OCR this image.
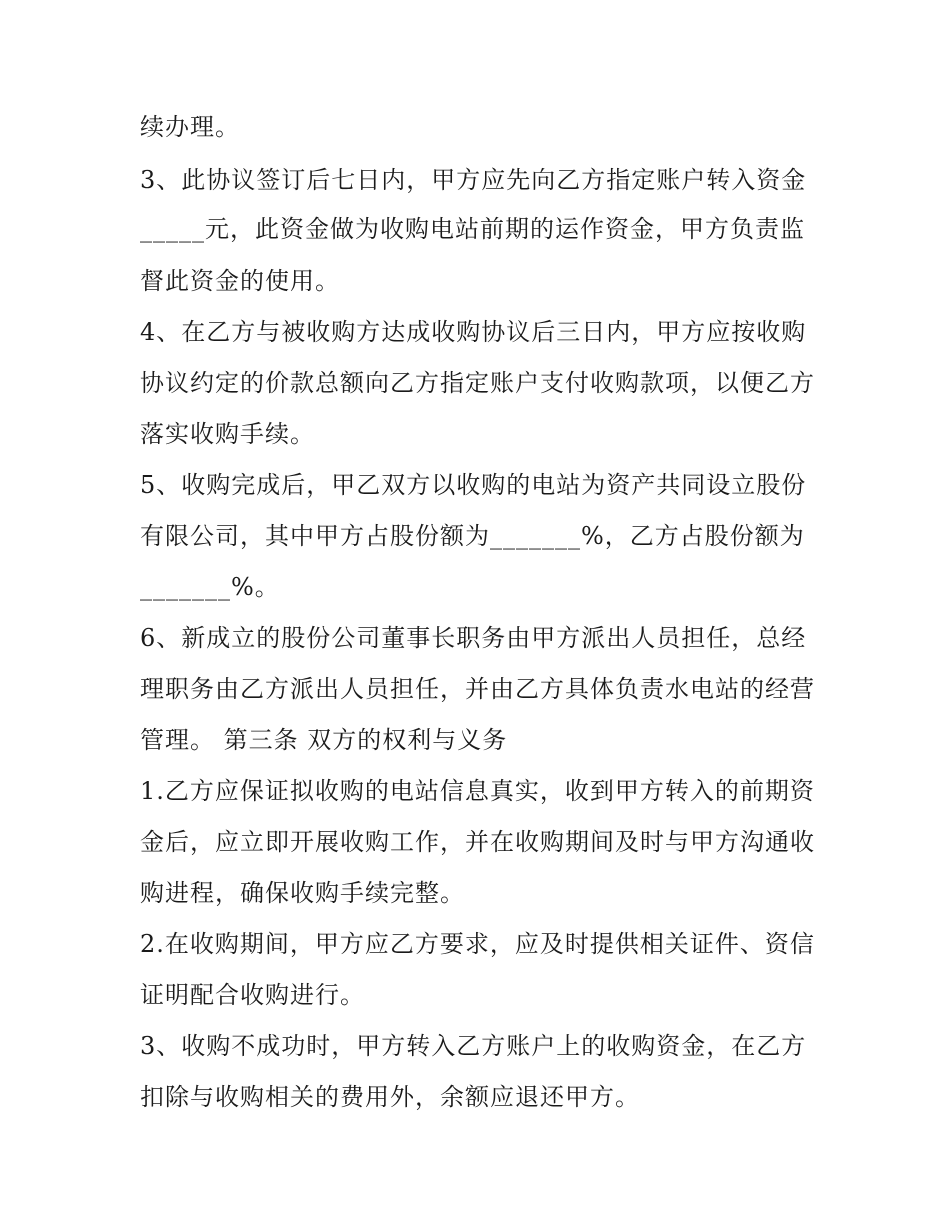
续办理。
3、此协议签订后七日内，甲方应先向乙方指定账户转入资金
_____元，此资金做为收购电站前期的运作资金，甲方负责监
督此资金的使用。
4、在乙方与被收购方达成收购协议后三日内，甲方应按收购
协议约定的价款总额向乙方指定账户支付收购款项，以便乙方
落实收购手续。
5、收购完成后，甲乙双方以收购的电站为资产共同设立股份
有限公司，其中甲方占股份额为_______%，乙方占股份额为
_______%。
6、新成立的股份公司董事长职务由甲方派出人员担任，总经
理职务由乙方派出人员担任，并由乙方具体负责水电站的经营
管理。 第三条 双方的权利与义务
1.乙方应保证拟收购的电站信息真实，收到甲方转入的前期资
金后，应立即开展收购工作，并在收购期间及时与甲方沟通收
购进程，确保收购手续完整。
2.在收购期间，甲方应乙方要求，应及时提供相关证件、资信
证明配合收购进行。
3、收购不成功时，甲方转入乙方账户上的收购资金，在乙方
扣除与收购相关的费用外，余额应退还甲方。
